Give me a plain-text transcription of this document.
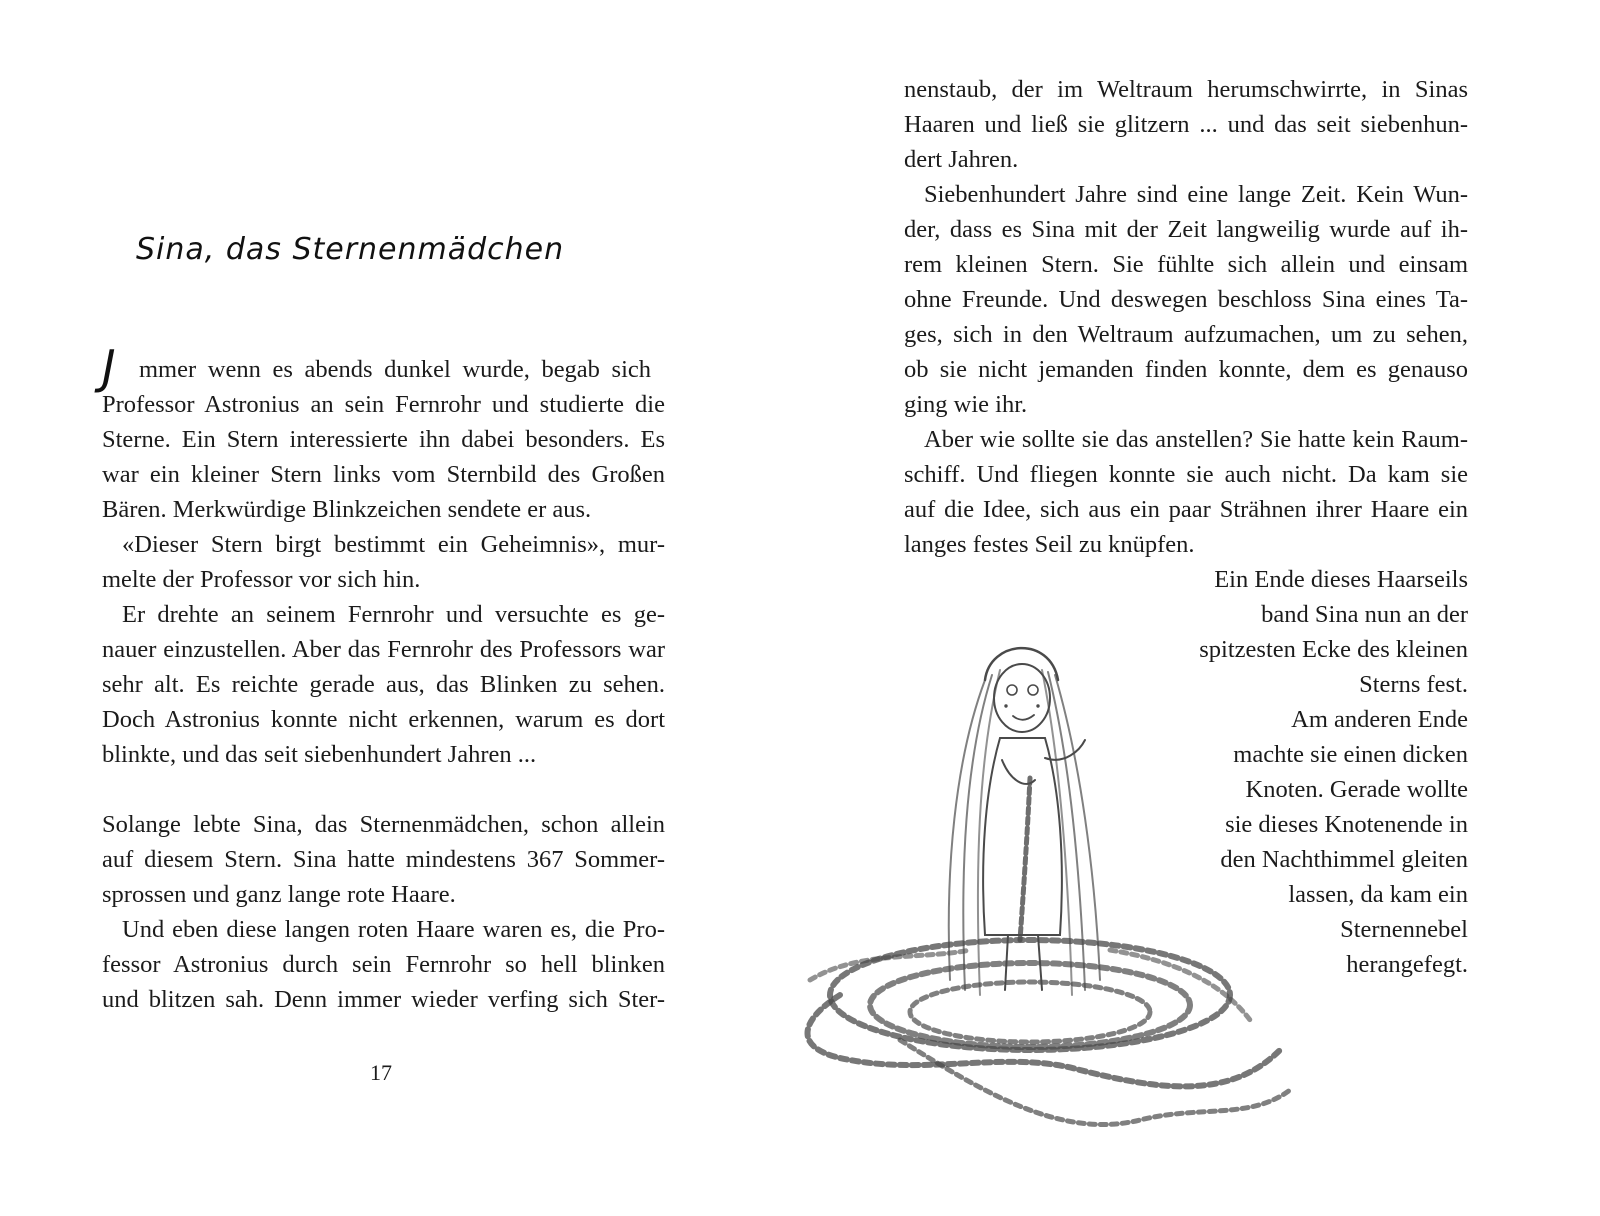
Sina, das Sternenmädchen
Jmmer wenn es abends dunkel wurde, begab sich
Professor Astronius an sein Fernrohr und studierte die
Sterne. Ein Stern interessierte ihn dabei besonders. Es
war ein kleiner Stern links vom Sternbild des Großen
Bären. Merkwürdige Blinkzeichen sendete er aus.
«Dieser Stern birgt bestimmt ein Geheimnis», mur-
melte der Professor vor sich hin.
Er drehte an seinem Fernrohr und versuchte es ge-
nauer einzustellen. Aber das Fernrohr des Professors war
sehr alt. Es reichte gerade aus, das Blinken zu sehen.
Doch Astronius konnte nicht erkennen, warum es dort
blinkte, und das seit siebenhundert Jahren ...
Solange lebte Sina, das Sternenmädchen, schon allein
auf diesem Stern. Sina hatte mindestens 367 Sommer-
sprossen und ganz lange rote Haare.
Und eben diese langen roten Haare waren es, die Pro-
fessor Astronius durch sein Fernrohr so hell blinken
und blitzen sah. Denn immer wieder verfing sich Ster-

17

nenstaub, der im Weltraum herumschwirrte, in Sinas
Haaren und ließ sie glitzern ... und das seit siebenhun-
dert Jahren.
Siebenhundert Jahre sind eine lange Zeit. Kein Wun-
der, dass es Sina mit der Zeit langweilig wurde auf ih-
rem kleinen Stern. Sie fühlte sich allein und einsam
ohne Freunde. Und deswegen beschloss Sina eines Ta-
ges, sich in den Weltraum aufzumachen, um zu sehen,
ob sie nicht jemanden finden konnte, dem es genauso
ging wie ihr.
Aber wie sollte sie das anstellen? Sie hatte kein Raum-
schiff. Und fliegen konnte sie auch nicht. Da kam sie
auf die Idee, sich aus ein paar Strähnen ihrer Haare ein
langes festes Seil zu knüpfen.
Ein Ende dieses Haarseils
band Sina nun an der
spitzesten Ecke des kleinen
Sterns fest.
Am anderen Ende
machte sie einen dicken
Knoten. Gerade wollte
sie dieses Knotenende in
den Nachthimmel gleiten
lassen, da kam ein
Sternennebel
herangefegt.
